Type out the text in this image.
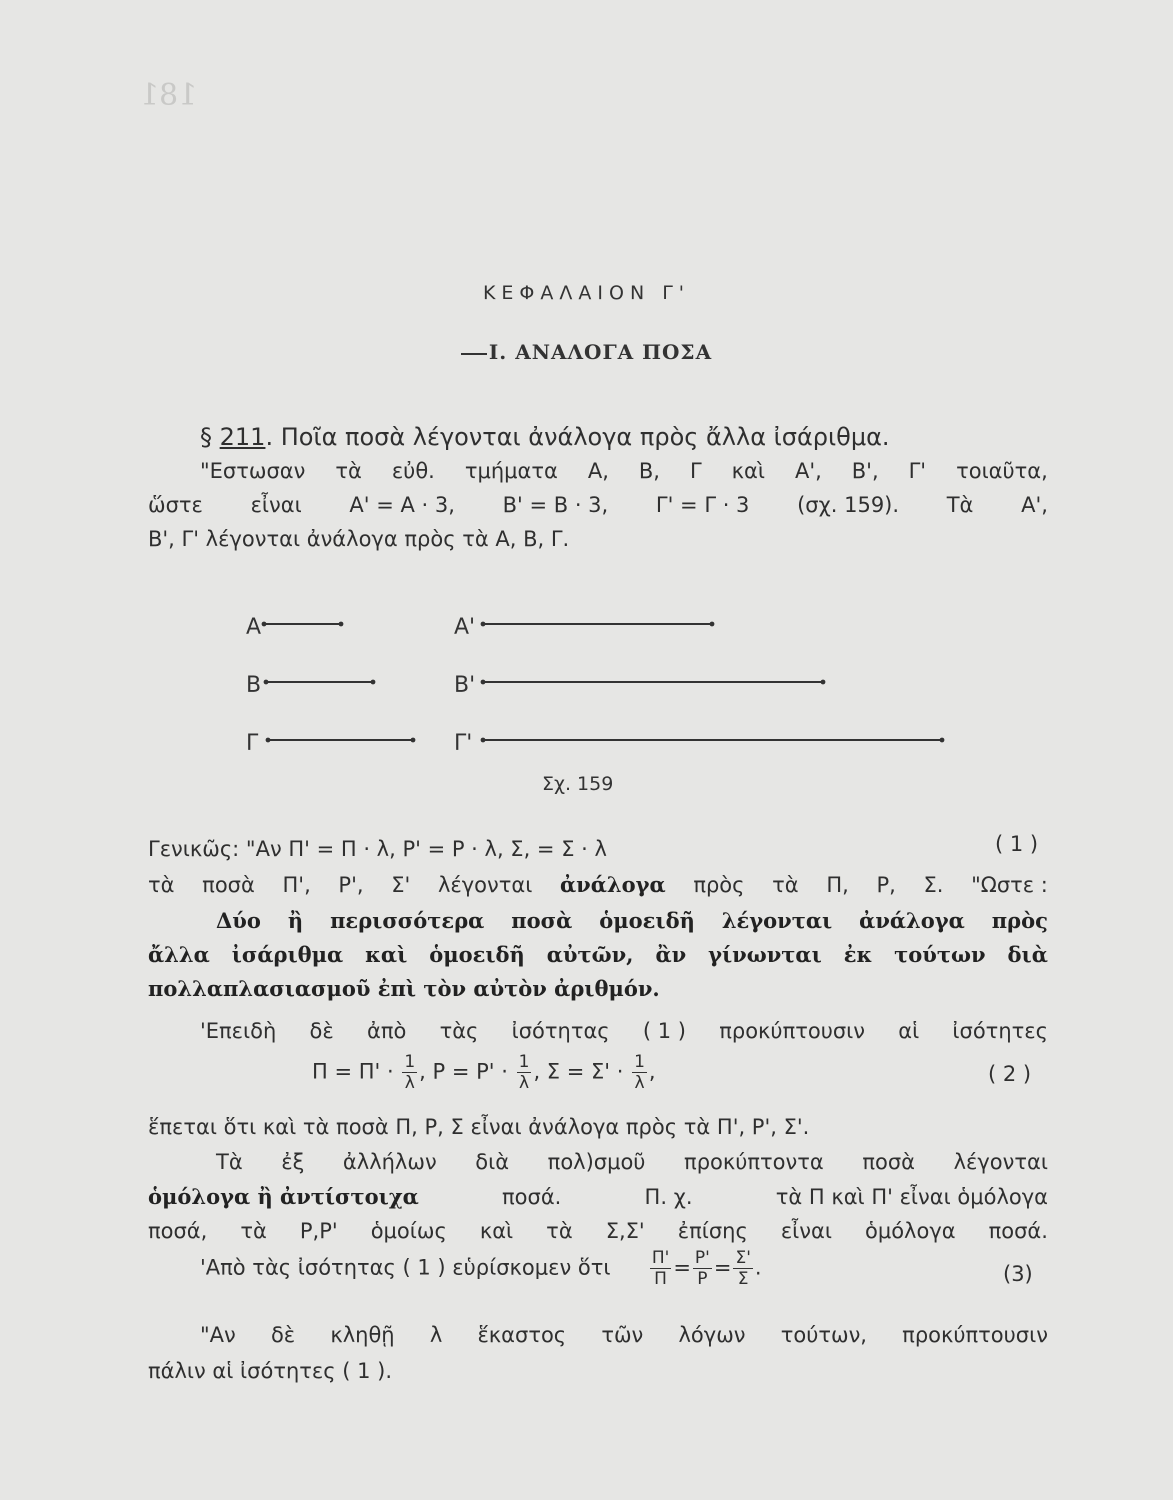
181
ΚΕΦΑΛΑΙΟΝ Γ'
Ι. ΑΝΑΛΟΓΑ ΠΟΣΑ
§ 211. Ποῖα ποσὰ λέγονται ἀνάλογα πρὸς ἄλλα ἰσάριθμα.
"Εστωσαν τὰ εὐθ. τμήματα Α, Β, Γ καὶ Α', Β', Γ' τοιαῦτα,
ὥστε εἶναι Α' = Α · 3, Β' = Β · 3, Γ' = Γ · 3 (σχ. 159). Τὰ Α',
Β', Γ' λέγονται ἀνάλογα πρὸς τὰ Α, Β, Γ.
Α
Β
Γ
Α'
Β'
Γ'
Σχ. 159
Γενικῶς: "Αν Π' = Π · λ, Ρ' = Ρ · λ, Σ, = Σ · λ	( 1 )
τὰ ποσὰ Π', Ρ', Σ' λέγονται ἀνάλογα πρὸς τὰ Π, Ρ, Σ. "Ωστε :
Δύο ἢ περισσότερα ποσὰ ὁμοειδῆ λέγονται ἀνάλογα πρὸς
ἄλλα ἰσάριθμα καὶ ὁμοειδῆ αὐτῶν, ἂν γίνωνται ἐκ τούτων διὰ
πολλαπλασιασμοῦ ἐπὶ τὸν αὐτὸν ἀριθμόν.
'Επειδὴ δὲ ἀπὸ τὰς ἰσότητας ( 1 ) προκύπτουσιν αἱ ἰσότητες
$\Pi = \Pi' \cdot \frac{1}{\lambda}$ , $P = P' \cdot \frac{1}{\lambda}$ , $\Sigma = \Sigma' \cdot \frac{1}{\lambda}$ ,	( 2 )
ἕπεται ὅτι καὶ τὰ ποσὰ Π, Ρ, Σ εἶναι ἀνάλογα πρὸς τὰ Π', Ρ', Σ'.
Τὰ ἐξ ἀλλήλων διὰ πολ)σμοῦ προκύπτοντα ποσὰ λέγονται
ὁμόλογα ἢ ἀντίστοιχα	ποσά.	Π. χ.	τὰ Π καὶ Π' εἶναι ὁμόλογα
ποσά, τὰ Ρ,Ρ' ὁμοίως καὶ τὰ Σ,Σ' ἐπίσης εἶναι ὁμόλογα ποσά.
'Απὸ τὰς ἰσότητας ( 1 ) εὑρίσκομεν ὅτι $\frac{\Pi'}{\Pi} = \frac{P'}{P} = \frac{\Sigma'}{\Sigma}$ .	(3)
"Αν δὲ κληθῇ λ ἕκαστος τῶν λόγων τούτων, προκύπτουσιν
πάλιν αἱ ἰσότητες ( 1 ).
